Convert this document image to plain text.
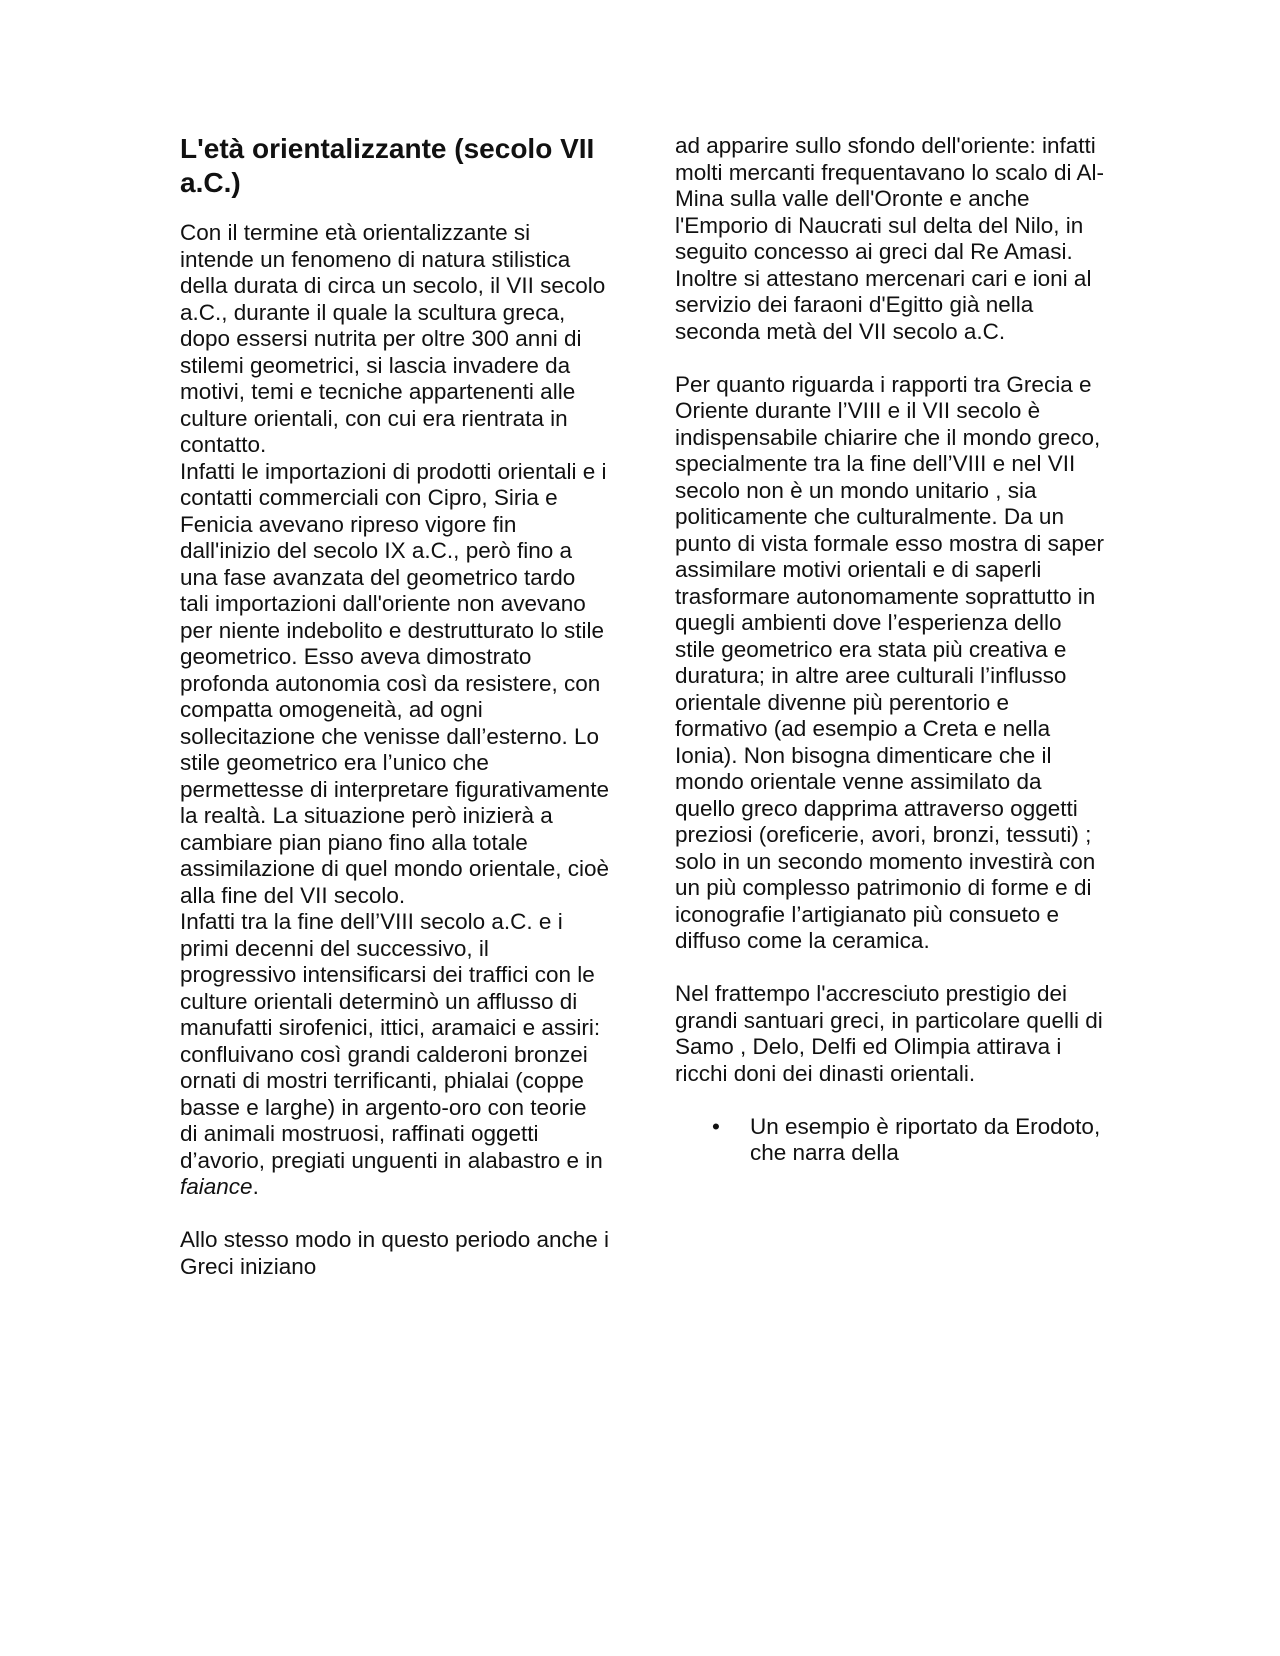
L'età orientalizzante (secolo VII a.C.)

Con il termine età orientalizzante si intende un fenomeno di natura stilistica della durata di circa un secolo, il VII secolo a.C., durante il quale la scultura greca, dopo essersi nutrita per oltre 300 anni di stilemi geometrici, si lascia invadere da motivi, temi e tecniche appartenenti alle culture orientali, con cui era rientrata in contatto.

Infatti le importazioni di prodotti orientali e i contatti commerciali con Cipro, Siria e Fenicia avevano ripreso vigore fin dall'inizio del secolo IX a.C., però fino a una fase avanzata del geometrico tardo tali importazioni dall'oriente non avevano per niente indebolito e destrutturato lo stile geometrico. Esso aveva dimostrato profonda autonomia così da resistere, con compatta omogeneità, ad ogni sollecitazione che venisse dall’esterno. Lo stile geometrico era l’unico che permettesse di interpretare figurativamente la realtà. La situazione però inizierà a cambiare pian piano fino alla totale assimilazione di quel mondo orientale, cioè alla fine del VII secolo.

Infatti tra la fine dell’VIII secolo a.C. e i primi decenni del successivo, il progressivo intensificarsi dei traffici con le culture orientali determinò un afflusso di manufatti sirofenici, ittici, aramaici e assiri: confluivano così grandi calderoni bronzei ornati di mostri terrificanti, phialai (coppe basse e larghe) in argento-oro con teorie di animali mostruosi, raffinati oggetti d’avorio, pregiati unguenti in alabastro e in
faiance.

Allo stesso modo in questo periodo anche i Greci iniziano

ad apparire sullo sfondo dell'oriente: infatti molti mercanti frequentavano lo scalo di Al-Mina sulla valle dell'Oronte e anche l'Emporio di Naucrati sul delta del Nilo, in seguito concesso ai greci dal Re Amasi. Inoltre si attestano mercenari cari e ioni al servizio dei faraoni d'Egitto già nella seconda metà del VII secolo a.C.

Per quanto riguarda i rapporti tra Grecia e Oriente durante l’VIII e il VII secolo è indispensabile chiarire che il mondo greco, specialmente tra la fine dell’VIII e nel VII secolo non è un mondo unitario , sia politicamente che culturalmente. Da un punto di vista formale esso mostra di saper assimilare motivi orientali e di saperli trasformare autonomamente soprattutto in quegli ambienti dove l’esperienza dello stile geometrico era stata più creativa e duratura; in altre aree culturali l’influsso orientale divenne più perentorio e formativo (ad esempio a Creta e nella Ionia). Non bisogna dimenticare che il mondo orientale venne assimilato da quello greco dapprima attraverso oggetti preziosi (oreficerie, avori, bronzi, tessuti) ; solo in un secondo momento investirà con un più complesso patrimonio di forme e di iconografie l’artigianato più consueto e diffuso come la ceramica.

Nel frattempo l'accresciuto prestigio dei grandi santuari greci, in particolare quelli di Samo , Delo, Delfi ed Olimpia attirava i ricchi doni dei dinasti orientali.

• Un esempio è riportato da Erodoto, che narra della
